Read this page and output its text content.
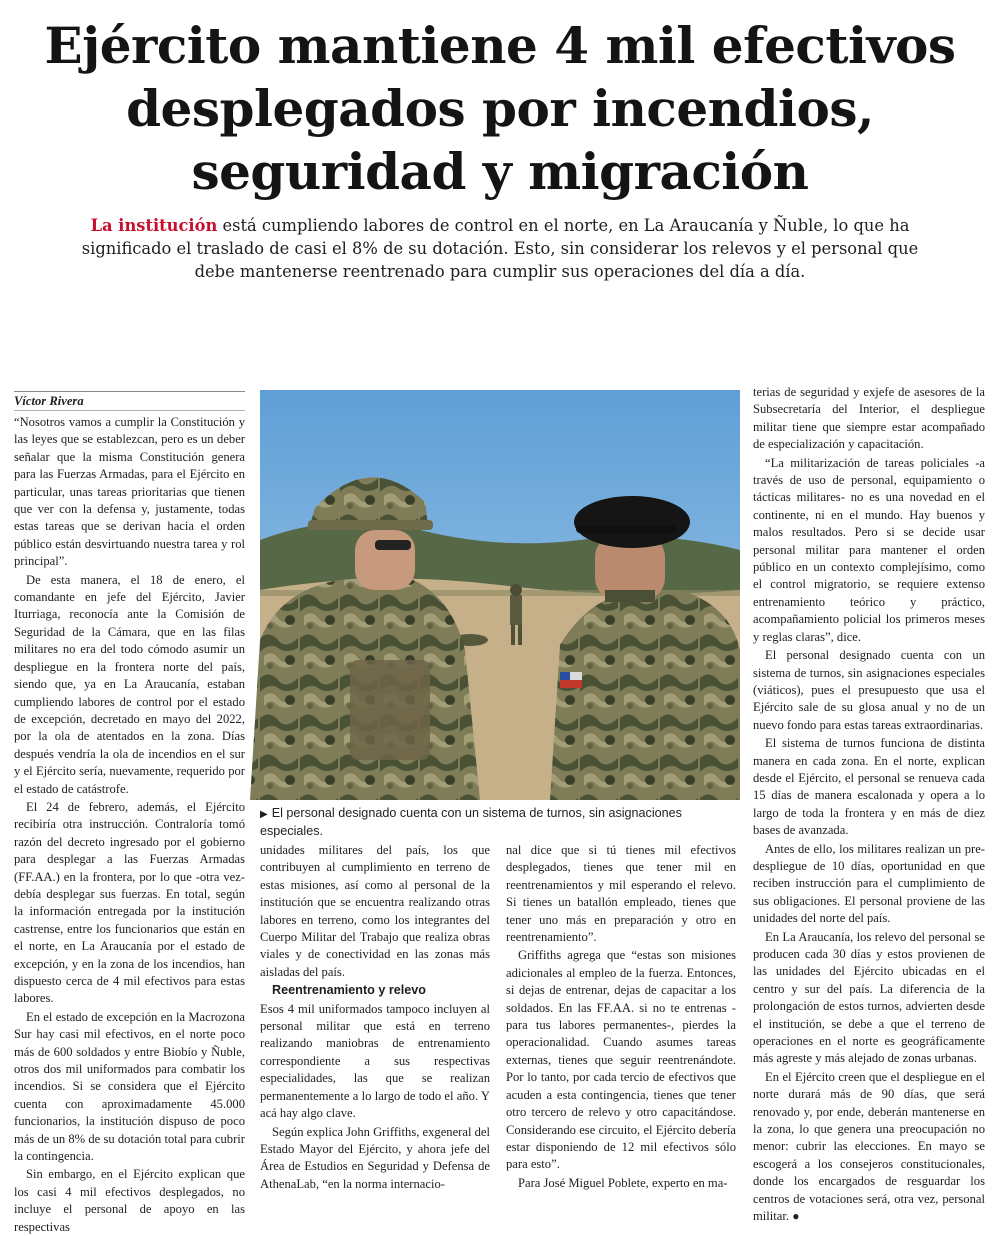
Ejército mantiene 4 mil efectivos
desplegados por incendios,
seguridad y migración

La institución está cumpliendo labores de control en el norte, en La Araucanía y Ñuble, lo que ha significado el traslado de casi el 8% de su dotación. Esto, sin considerar los relevos y el personal que debe mantenerse reentrenado para cumplir sus operaciones del día a día.

Víctor Rivera

“Nosotros vamos a cumplir la Constitución y las leyes que se establezcan, pero es un deber señalar que la misma Constitución genera para las Fuerzas Armadas, para el Ejército en particular, unas tareas prioritarias que tienen que ver con la defensa y, justamente, todas estas tareas que se derivan hacia el orden público están desvirtuando nuestra tarea y rol principal”.

De esta manera, el 18 de enero, el comandante en jefe del Ejército, Javier Iturriaga, reconocía ante la Comisión de Seguridad de la Cámara, que en las filas militares no era del todo cómodo asumir un despliegue en la frontera norte del país, siendo que, ya en La Araucanía, estaban cumpliendo labores de control por el estado de excepción, decretado en mayo del 2022, por la ola de atentados en la zona. Días después vendría la ola de incendios en el sur y el Ejército sería, nuevamente, requerido por el estado de catástrofe.

El 24 de febrero, además, el Ejército recibiría otra instrucción. Contraloría tomó razón del decreto ingresado por el gobierno para desplegar a las Fuerzas Armadas (FF.AA.) en la frontera, por lo que -otra vez- debía desplegar sus fuerzas. En total, según la información entregada por la institución castrense, entre los funcionarios que están en el norte, en La Araucanía por el estado de excepción, y en la zona de los incendios, han dispuesto cerca de 4 mil efectivos para estas labores.

En el estado de excepción en la Macrozona Sur hay casi mil efectivos, en el norte poco más de 600 soldados y entre Biobío y Ñuble, otros dos mil uniformados para combatir los incendios. Si se considera que el Ejército cuenta con aproximadamente 45.000 funcionarios, la institución dispuso de poco más de un 8% de su dotación total para cubrir la contingencia.

Sin embargo, en el Ejército explican que los casi 4 mil efectivos desplegados, no incluye el personal de apoyo en las respectivas

▶ El personal designado cuenta con un sistema de turnos, sin asignaciones especiales.

unidades militares del país, los que contribuyen al cumplimiento en terreno de estas misiones, así como al personal de la institución que se encuentra realizando otras labores en terreno, como los integrantes del Cuerpo Militar del Trabajo que realiza obras viales y de conectividad en las zonas más aisladas del país.

Reentrenamiento y relevo

Esos 4 mil uniformados tampoco incluyen al personal militar que está en terreno realizando maniobras de entrenamiento correspondiente a sus respectivas especialidades, las que se realizan permanentemente a lo largo de todo el año. Y acá hay algo clave.

Según explica John Griffiths, exgeneral del Estado Mayor del Ejército, y ahora jefe del Área de Estudios en Seguridad y Defensa de AthenaLab, “en la norma internacio-

nal dice que si tú tienes mil efectivos desplegados, tienes que tener mil en reentrenamientos y mil esperando el relevo. Si tienes un batallón empleado, tienes que tener uno más en preparación y otro en reentrenamiento”.

Griffiths agrega que “estas son misiones adicionales al empleo de la fuerza. Entonces, si dejas de entrenar, dejas de capacitar a los soldados. En las FF.AA. si no te entrenas -para tus labores permanentes-, pierdes la operacionalidad. Cuando asumes tareas externas, tienes que seguir reentrenándote. Por lo tanto, por cada tercio de efectivos que acuden a esta contingencia, tienes que tener otro tercero de relevo y otro capacitándose. Considerando ese circuito, el Ejército debería estar disponiendo de 12 mil efectivos sólo para esto”.

Para José Miguel Poblete, experto en ma-

terias de seguridad y exjefe de asesores de la Subsecretaría del Interior, el despliegue militar tiene que siempre estar acompañado de especialización y capacitación.

“La militarización de tareas policiales -a través de uso de personal, equipamiento o tácticas militares- no es una novedad en el continente, ni en el mundo. Hay buenos y malos resultados. Pero si se decide usar personal militar para mantener el orden público en un contexto complejísimo, como el control migratorio, se requiere extenso entrenamiento teórico y práctico, acompañamiento policial los primeros meses y reglas claras”, dice.

El personal designado cuenta con un sistema de turnos, sin asignaciones especiales (viáticos), pues el presupuesto que usa el Ejército sale de su glosa anual y no de un nuevo fondo para estas tareas extraordinarias.

El sistema de turnos funciona de distinta manera en cada zona. En el norte, explican desde el Ejército, el personal se renueva cada 15 días de manera escalonada y opera a lo largo de toda la frontera y en más de diez bases de avanzada.

Antes de ello, los militares realizan un pre-despliegue de 10 días, oportunidad en que reciben instrucción para el cumplimiento de sus obligaciones. El personal proviene de las unidades del norte del país.

En La Araucanía, los relevo del personal se producen cada 30 días y estos provienen de las unidades del Ejército ubicadas en el centro y sur del país. La diferencia de la prolongación de estos turnos, advierten desde el institución, se debe a que el terreno de operaciones en el norte es geográficamente más agreste y más alejado de zonas urbanas.

En el Ejército creen que el despliegue en el norte durará más de 90 días, que será renovado y, por ende, deberán mantenerse en la zona, lo que genera una preocupación no menor: cubrir las elecciones. En mayo se escogerá a los consejeros constitucionales, donde los encargados de resguardar los centros de votaciones será, otra vez, personal militar. ●
